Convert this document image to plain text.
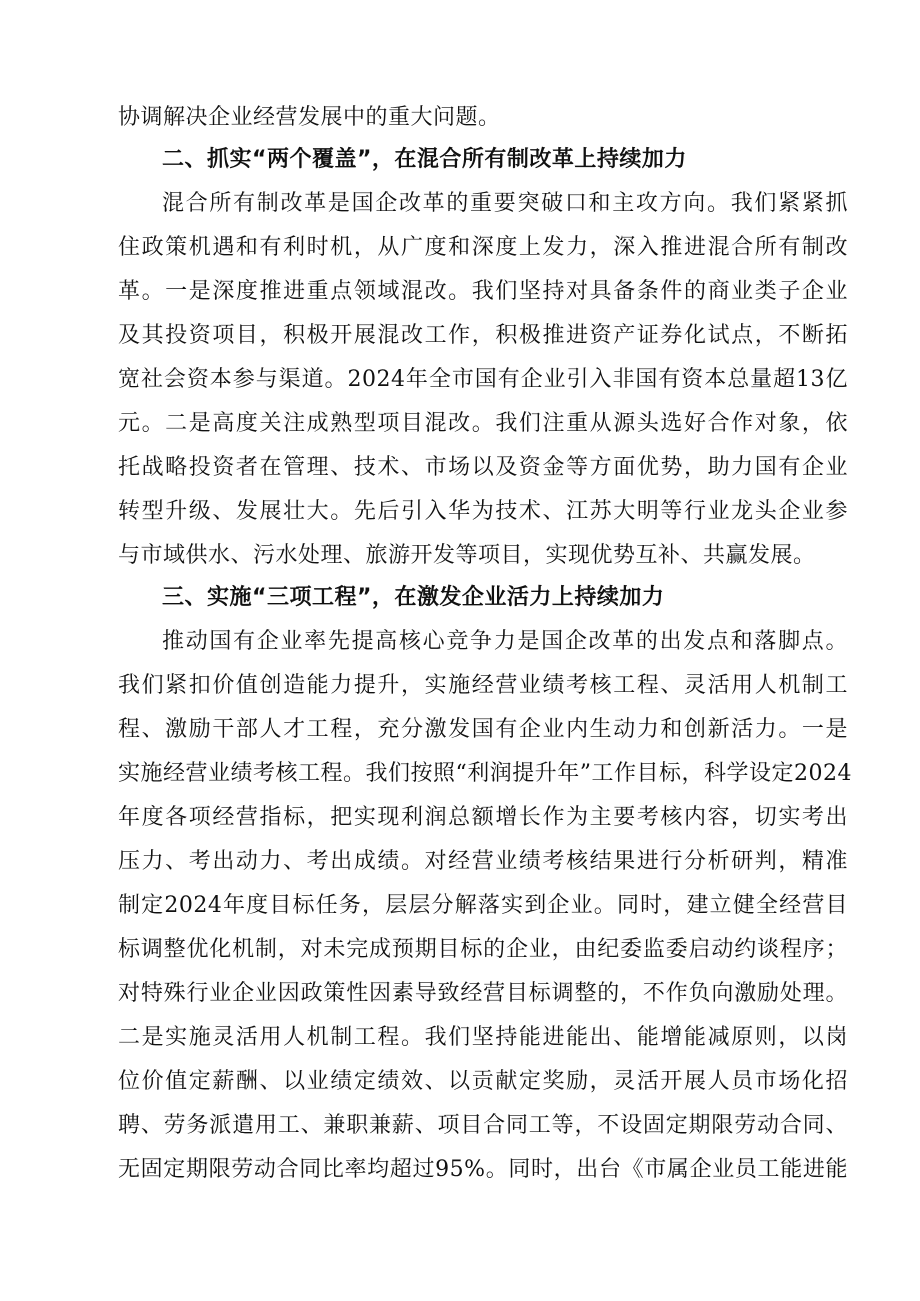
协调解决企业经营发展中的重大问题。
二、抓实“两个覆盖”，在混合所有制改革上持续加力
混合所有制改革是国企改革的重要突破口和主攻方向。我们紧紧抓
住政策机遇和有利时机，从广度和深度上发力，深入推进混合所有制改
革。一是深度推进重点领域混改。我们坚持对具备条件的商业类子企业
及其投资项目，积极开展混改工作，积极推进资产证券化试点，不断拓
宽社会资本参与渠道。2024年全市国有企业引入非国有资本总量超13亿
元。二是高度关注成熟型项目混改。我们注重从源头选好合作对象，依
托战略投资者在管理、技术、市场以及资金等方面优势，助力国有企业
转型升级、发展壮大。先后引入华为技术、江苏大明等行业龙头企业参
与市域供水、污水处理、旅游开发等项目，实现优势互补、共赢发展。
三、实施“三项工程”，在激发企业活力上持续加力
推动国有企业率先提高核心竞争力是国企改革的出发点和落脚点。
我们紧扣价值创造能力提升，实施经营业绩考核工程、灵活用人机制工
程、激励干部人才工程，充分激发国有企业内生动力和创新活力。一是
实施经营业绩考核工程。我们按照“利润提升年”工作目标，科学设定2024
年度各项经营指标，把实现利润总额增长作为主要考核内容，切实考出
压力、考出动力、考出成绩。对经营业绩考核结果进行分析研判，精准
制定2024年度目标任务，层层分解落实到企业。同时，建立健全经营目
标调整优化机制，对未完成预期目标的企业，由纪委监委启动约谈程序；
对特殊行业企业因政策性因素导致经营目标调整的，不作负向激励处理。
二是实施灵活用人机制工程。我们坚持能进能出、能增能减原则，以岗
位价值定薪酬、以业绩定绩效、以贡献定奖励，灵活开展人员市场化招
聘、劳务派遣用工、兼职兼薪、项目合同工等，不设固定期限劳动合同、
无固定期限劳动合同比率均超过95%。同时，出台《市属企业员工能进能
